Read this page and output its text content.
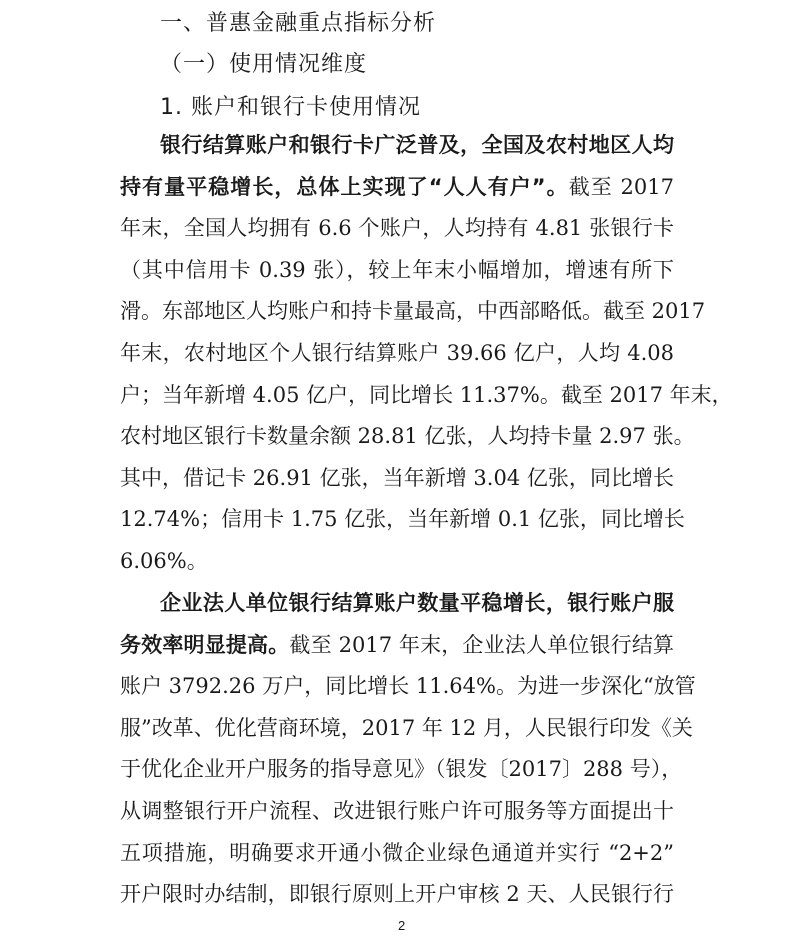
一、普惠金融重点指标分析
（一）使用情况维度
1. 账户和银行卡使用情况
银行结算账户和银行卡广泛普及，全国及农村地区人均
持有量平稳增长，总体上实现了“人人有户”。截至 2017
年末，全国人均拥有 6.6 个账户，人均持有 4.81 张银行卡
（其中信用卡 0.39 张），较上年末小幅增加，增速有所下
滑。东部地区人均账户和持卡量最高，中西部略低。截至 2017
年末，农村地区个人银行结算账户 39.66 亿户，人均 4.08
户；当年新增 4.05 亿户，同比增长 11.37%。截至 2017 年末，
农村地区银行卡数量余额 28.81 亿张，人均持卡量 2.97 张。
其中，借记卡 26.91 亿张，当年新增 3.04 亿张，同比增长
12.74%；信用卡 1.75 亿张，当年新增 0.1 亿张，同比增长
6.06%。
企业法人单位银行结算账户数量平稳增长，银行账户服
务效率明显提高。截至 2017 年末，企业法人单位银行结算
账户 3792.26 万户，同比增长 11.64%。为进一步深化“放管
服”改革、优化营商环境，2017 年 12 月，人民银行印发《关
于优化企业开户服务的指导意见》（银发〔2017〕288 号），
从调整银行开户流程、改进银行账户许可服务等方面提出十
五项措施，明确要求开通小微企业绿色通道并实行 “2+2”
开户限时办结制，即银行原则上开户审核 2 天、人民银行行
2
